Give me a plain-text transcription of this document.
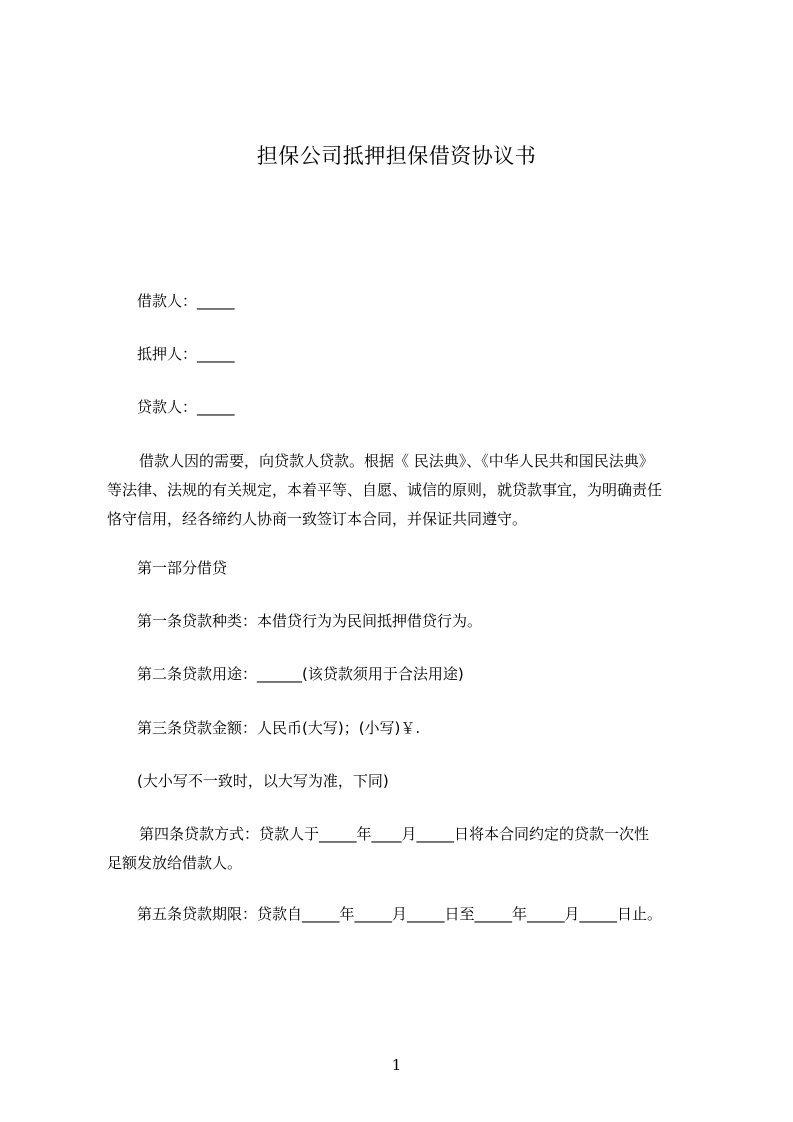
担保公司抵押担保借资协议书
借款人：_____
抵押人：_____
贷款人：_____
借款人因的需要，向贷款人贷款。根据《 民法典》、《中华人民共和国民法典》
等法律、法规的有关规定，本着平等、自愿、诚信的原则，就贷款事宜，为明确责任
恪守信用，经各缔约人协商一致签订本合同，并保证共同遵守。
第一部分借贷
第一条贷款种类：本借贷行为为民间抵押借贷行为。
第二条贷款用途：______(该贷款须用于合法用途)
第三条贷款金额：人民币(大写)；(小写)￥.
(大小写不一致时，以大写为准，下同)
第四条贷款方式：贷款人于_____年____月_____日将本合同约定的贷款一次性
足额发放给借款人。
第五条贷款期限：贷款自_____年_____月_____日至_____年_____月_____日止。
1
